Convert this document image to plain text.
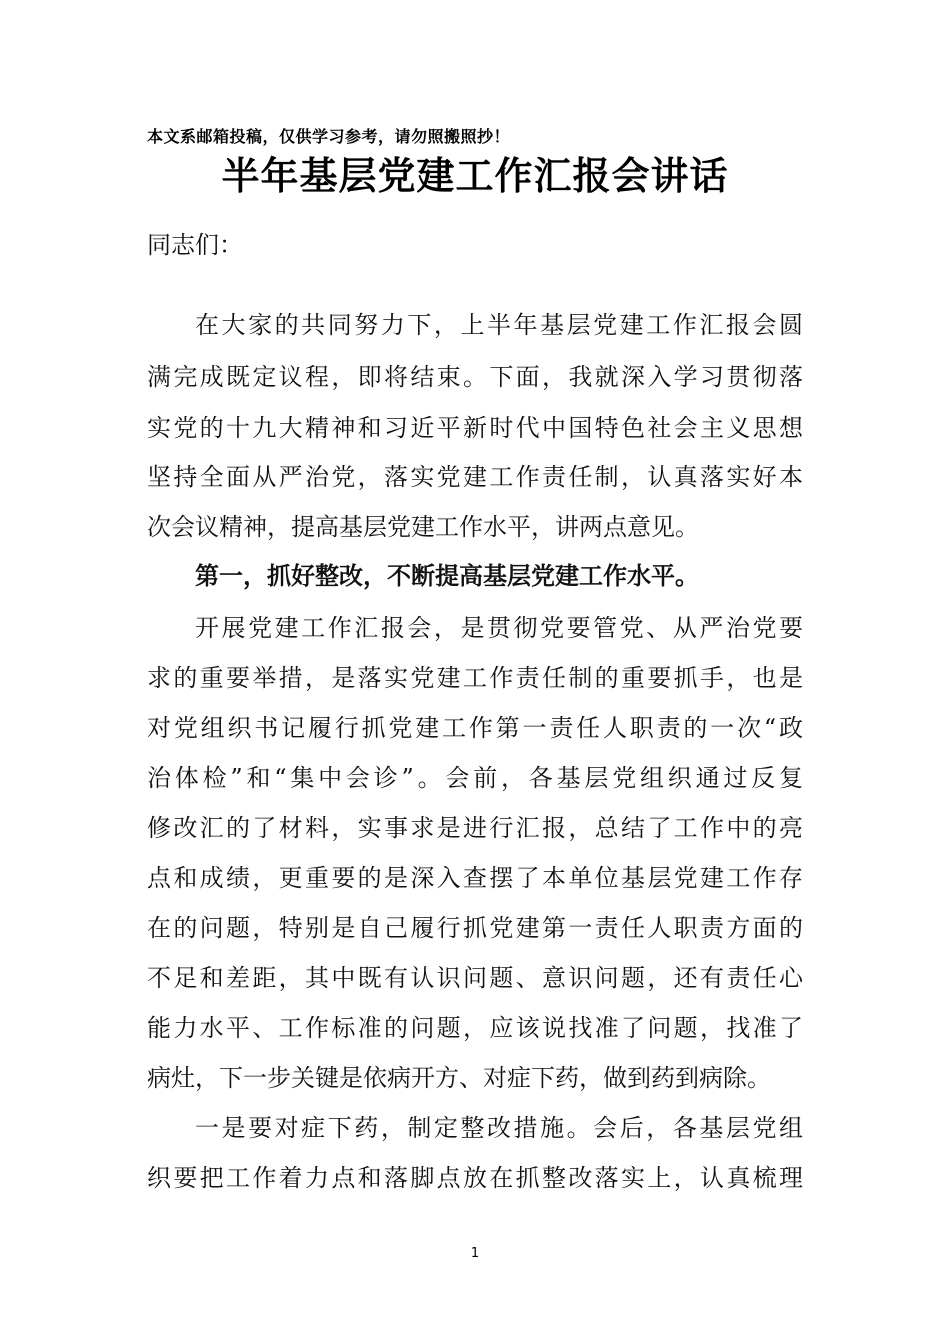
本文系邮箱投稿，仅供学习参考，请勿照搬照抄！
半年基层党建工作汇报会讲话
同志们：
在大家的共同努力下，上半年基层党建工作汇报会圆
满完成既定议程，即将结束。下面，我就深入学习贯彻落
实党的十九大精神和习近平新时代中国特色社会主义思想
坚持全面从严治党，落实党建工作责任制，认真落实好本
次会议精神，提高基层党建工作水平，讲两点意见。
第一，抓好整改，不断提高基层党建工作水平。
开展党建工作汇报会，是贯彻党要管党、从严治党要
求的重要举措，是落实党建工作责任制的重要抓手，也是
对党组织书记履行抓党建工作第一责任人职责的一次“政
治体检”和“集中会诊”。会前，各基层党组织通过反复
修改汇的了材料，实事求是进行汇报，总结了工作中的亮
点和成绩，更重要的是深入查摆了本单位基层党建工作存
在的问题，特别是自己履行抓党建第一责任人职责方面的
不足和差距，其中既有认识问题、意识问题，还有责任心
能力水平、工作标准的问题，应该说找准了问题，找准了
病灶，下一步关键是依病开方、对症下药，做到药到病除。
一是要对症下药，制定整改措施。会后，各基层党组
织要把工作着力点和落脚点放在抓整改落实上，认真梳理
1
